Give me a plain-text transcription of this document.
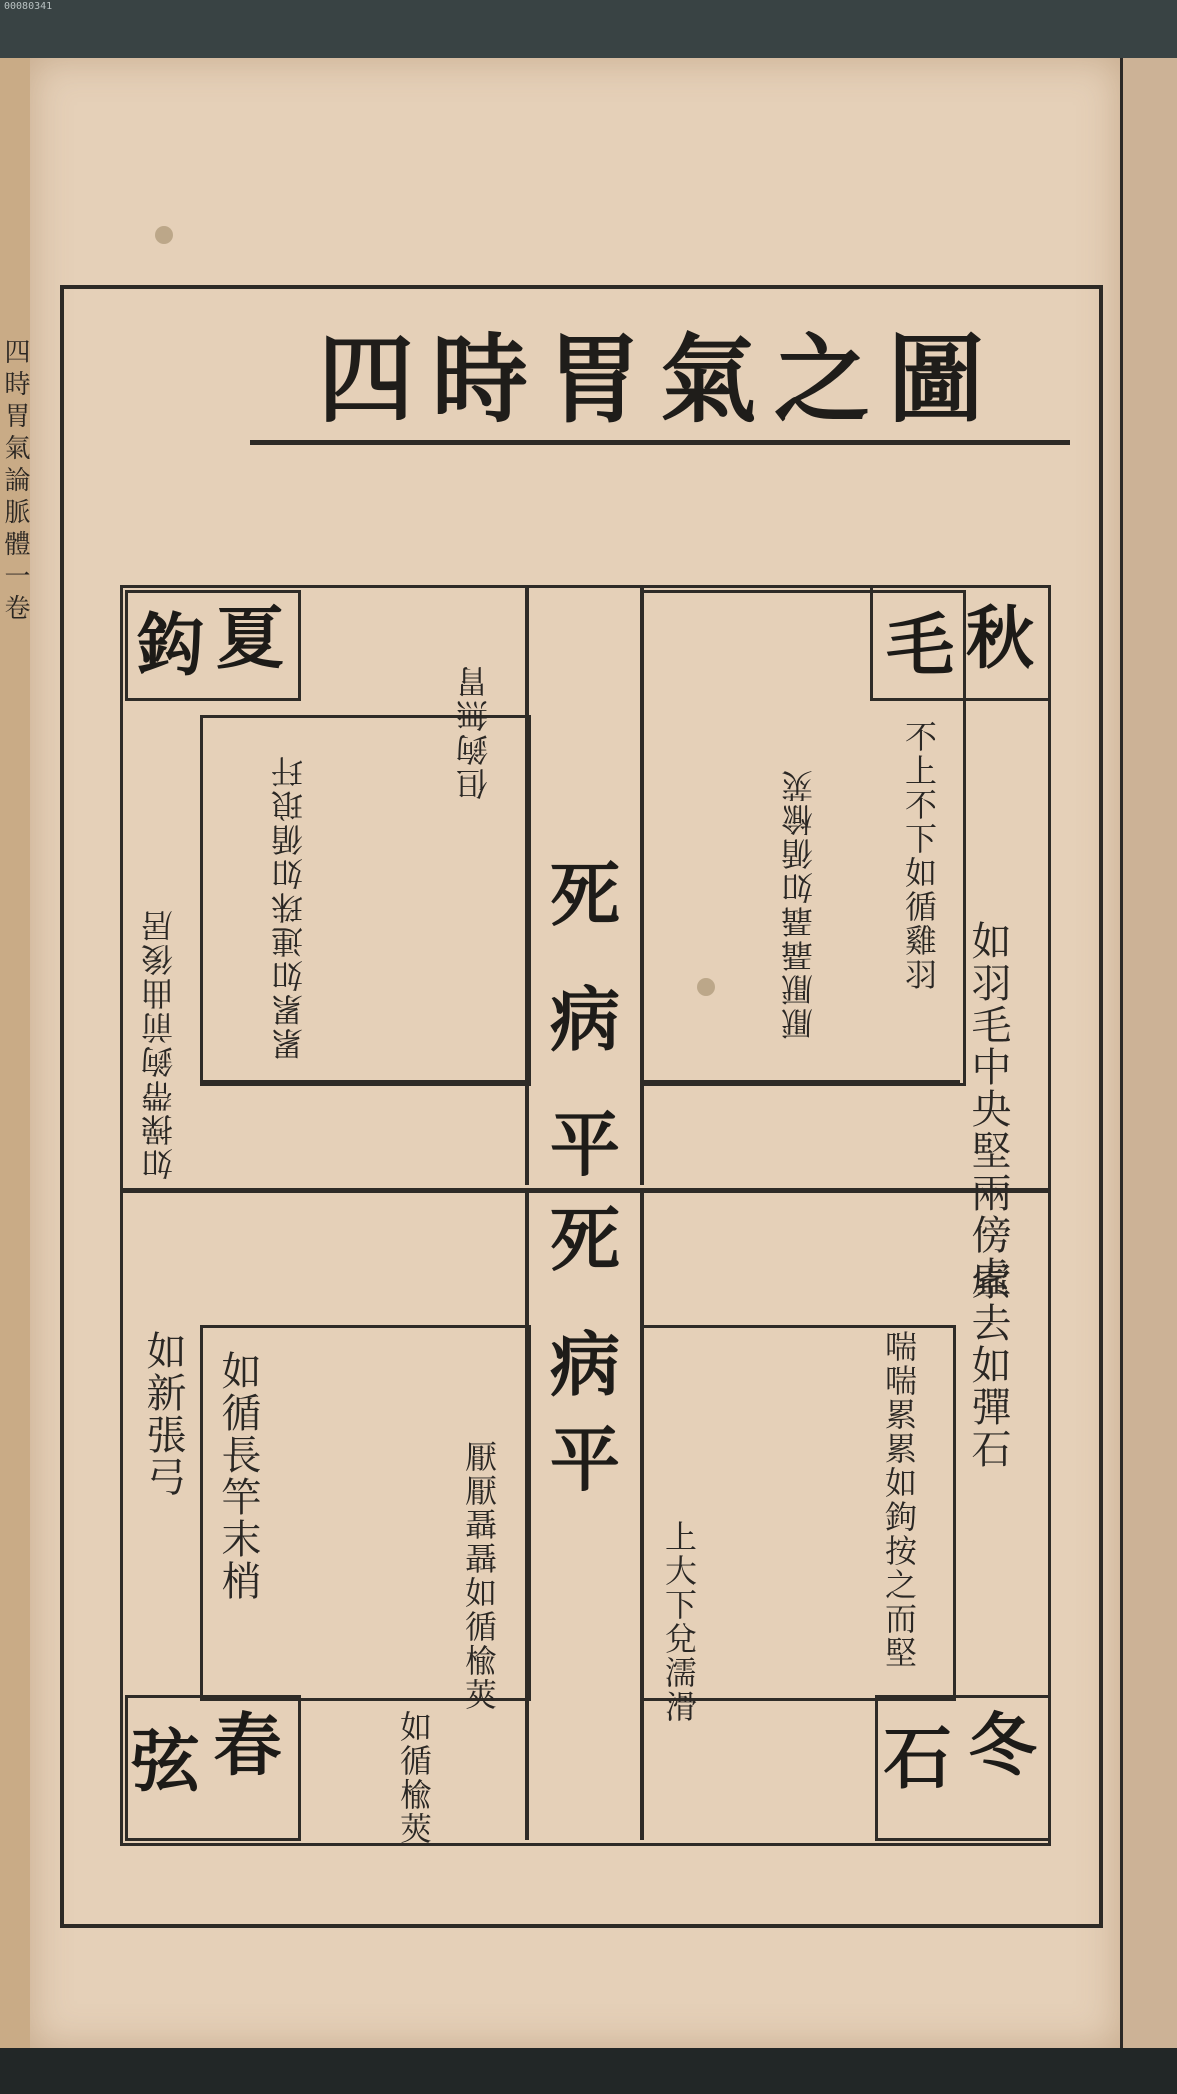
00080341
四時胃氣論脈體一卷	四時胃氣之圖
秋
毛
夏
鈎
冬
石
春
弦
死
病
平
死
病
平
如羽毛中央堅兩傍虛
不上不下如循雞羽
厭厭聶聶如循楡莢
但鉤無胃
累累如連珠如循琅玕
如操帶鉤前曲後居
索去如彈石
喘喘累累如鉤按之而堅
上大下兌濡滑
如新張弓 如循長竿末梢	厭厭聶聶如循楡莢
如循楡莢
